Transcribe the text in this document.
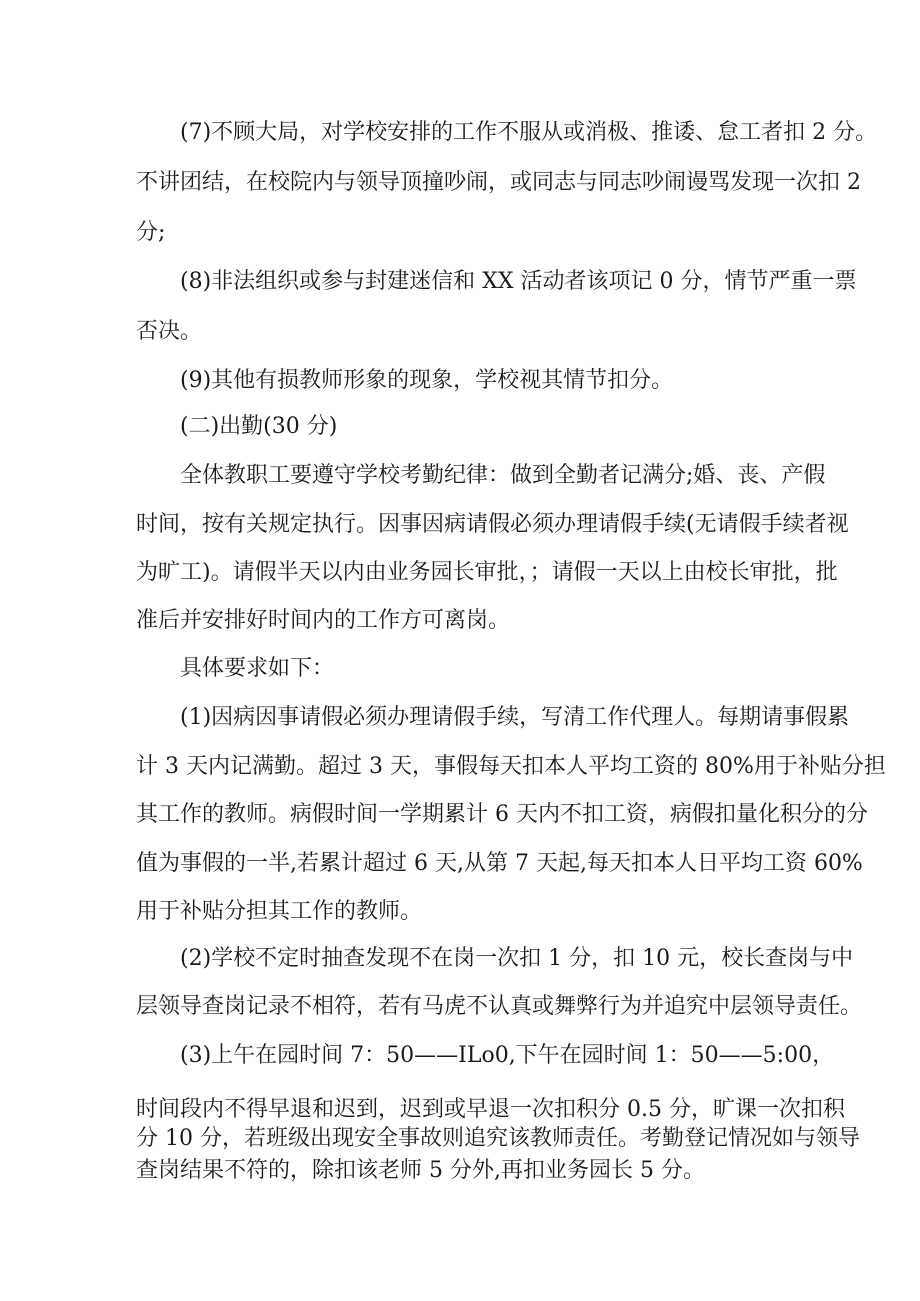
(7)不顾大局，对学校安排的工作不服从或消极、推诿、怠工者扣 2 分。
不讲团结，在校院内与领导顶撞吵闹，或同志与同志吵闹谩骂发现一次扣 2
分;
(8)非法组织或参与封建迷信和 XX 活动者该项记 0 分，情节严重一票
否决。
(9)其他有损教师形象的现象，学校视其情节扣分。
(二)出勤(30 分)
全体教职工要遵守学校考勤纪律：做到全勤者记满分;婚、丧、产假
时间，按有关规定执行。因事因病请假必须办理请假手续(无请假手续者视
为旷工)。请假半天以内由业务园长审批，；请假一天以上由校长审批，批
准后并安排好时间内的工作方可离岗。
具体要求如下：
(1)因病因事请假必须办理请假手续，写清工作代理人。每期请事假累
计 3 天内记满勤。超过 3 天，事假每天扣本人平均工资的 80%用于补贴分担
其工作的教师。病假时间一学期累计 6 天内不扣工资，病假扣量化积分的分
值为事假的一半,若累计超过 6 天,从第 7 天起,每天扣本人日平均工资 60%
用于补贴分担其工作的教师。
(2)学校不定时抽查发现不在岗一次扣 1 分，扣 10 元，校长查岗与中
层领导查岗记录不相符，若有马虎不认真或舞弊行为并追究中层领导责任。
(3)上午在园时间 7：50——ILo0,下午在园时间 1：50——5:00，
时间段内不得早退和迟到，迟到或早退一次扣积分 0.5 分，旷课一次扣积
分 10 分，若班级出现安全事故则追究该教师责任。考勤登记情况如与领导
查岗结果不符的，除扣该老师 5 分外,再扣业务园长 5 分。
